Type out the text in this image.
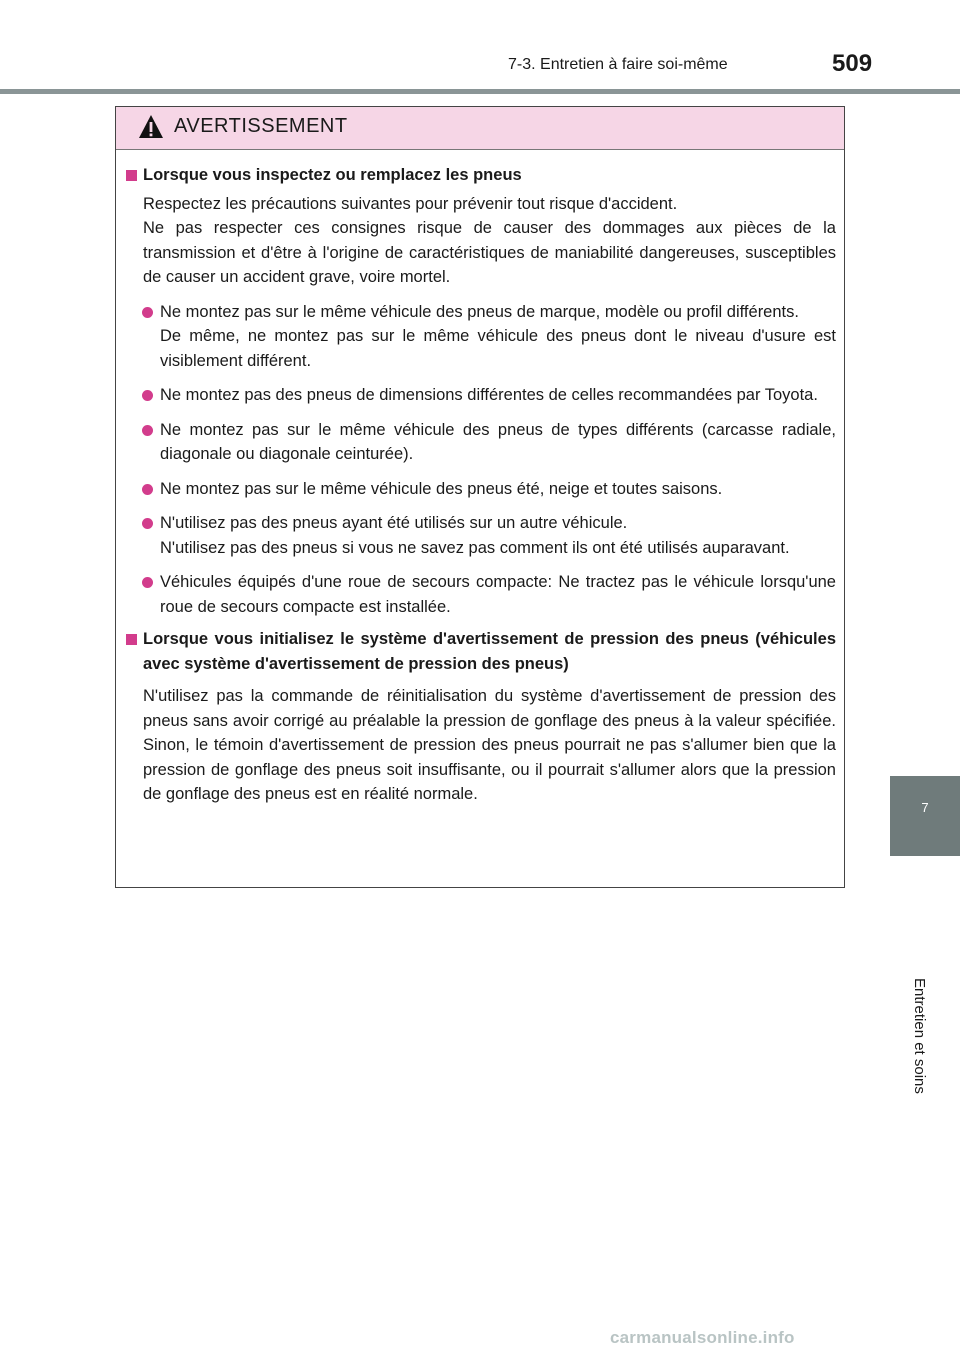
7-3. Entretien à faire soi-même	509
7
Entretien et soins
AVERTISSEMENT
Lorsque vous inspectez ou remplacez les pneus
Respectez les précautions suivantes pour prévenir tout risque d'accident.
Ne pas respecter ces consignes risque de causer des dommages aux pièces de la transmission et d'être à l'origine de caractéristiques de maniabilité dangereuses, susceptibles de causer un accident grave, voire mortel.
Ne montez pas sur le même véhicule des pneus de marque, modèle ou profil différents.
De même, ne montez pas sur le même véhicule des pneus dont le niveau d'usure est visiblement différent.
Ne montez pas des pneus de dimensions différentes de celles recommandées par Toyota.
Ne montez pas sur le même véhicule des pneus de types différents (carcasse radiale, diagonale ou diagonale ceinturée).
Ne montez pas sur le même véhicule des pneus été, neige et toutes saisons.
N'utilisez pas des pneus ayant été utilisés sur un autre véhicule.
N'utilisez pas des pneus si vous ne savez pas comment ils ont été utilisés auparavant.
Véhicules équipés d'une roue de secours compacte: Ne tractez pas le véhicule lorsqu'une roue de secours compacte est installée.
Lorsque vous initialisez le système d'avertissement de pression des pneus (véhicules avec système d'avertissement de pression des pneus)
N'utilisez pas la commande de réinitialisation du système d'avertissement de pression des pneus sans avoir corrigé au préalable la pression de gonflage des pneus à la valeur spécifiée. Sinon, le témoin d'avertissement de pression des pneus pourrait ne pas s'allumer bien que la pression de gonflage des pneus soit insuffisante, ou il pourrait s'allumer alors que la pression de gonflage des pneus est en réalité normale.
carmanualsonline.info
